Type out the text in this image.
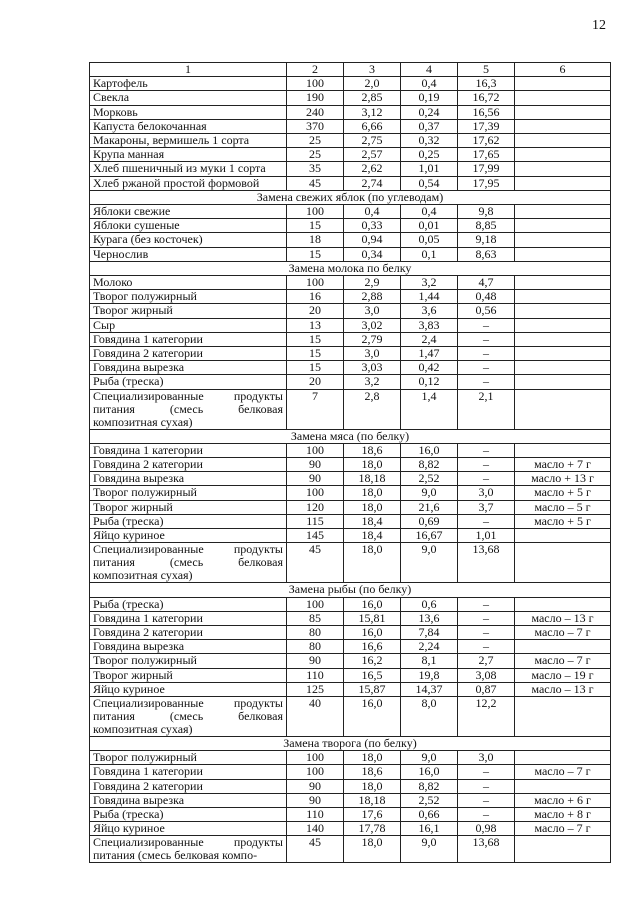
12
1	2	3	4	5	6
Картофель	100	2,0	0,4	16,3	
Свекла	190	2,85	0,19	16,72	
Морковь	240	3,12	0,24	16,56	
Капуста белокочанная	370	6,66	0,37	17,39	
Макароны, вермишель 1 сорта	25	2,75	0,32	17,62	
Крупа манная	25	2,57	0,25	17,65	
Хлеб пшеничный из муки 1 сорта	35	2,62	1,01	17,99	
Хлеб ржаной простой формовой	45	2,74	0,54	17,95	
Замена свежих яблок (по углеводам)					
Яблоки свежие	100	0,4	0,4	9,8	
Яблоки сушеные	15	0,33	0,01	8,85	
Курага (без косточек)	18	0,94	0,05	9,18	
Чернослив	15	0,34	0,1	8,63	
Замена молока по белку					
Молоко	100	2,9	3,2	4,7	
Творог полужирный	16	2,88	1,44	0,48	
Творог жирный	20	3,0	3,6	0,56	
Сыр	13	3,02	3,83	–	
Говядина 1 категории	15	2,79	2,4	–	
Говядина 2 категории	15	3,0	1,47	–	
Говядина вырезка	15	3,03	0,42	–	
Рыба (треска)	20	3,2	0,12	–	
Специализированные продукты питания (смесь белковая композитная сухая)	7	2,8	1,4	2,1	
Замена мяса (по белку)					
Говядина 1 категории	100	18,6	16,0	–	
Говядина 2 категории	90	18,0	8,82	–	масло + 7 г
Говядина вырезка	90	18,18	2,52	–	масло + 13 г
Творог полужирный	100	18,0	9,0	3,0	масло + 5 г
Творог жирный	120	18,0	21,6	3,7	масло – 5 г
Рыба (треска)	115	18,4	0,69	–	масло + 5 г
Яйцо куриное	145	18,4	16,67	1,01	
Специализированные продукты питания (смесь белковая композитная сухая)	45	18,0	9,0	13,68	
Замена рыбы (по белку)					
Рыба (треска)	100	16,0	0,6	–	
Говядина 1 категории	85	15,81	13,6	–	масло – 13 г
Говядина 2 категории	80	16,0	7,84	–	масло – 7 г
Говядина вырезка	80	16,6	2,24	–	
Творог полужирный	90	16,2	8,1	2,7	масло – 7 г
Творог жирный	110	16,5	19,8	3,08	масло – 19 г
Яйцо куриное	125	15,87	14,37	0,87	масло – 13 г
Специализированные продукты питания (смесь белковая композитная сухая)	40	16,0	8,0	12,2	
Замена творога (по белку)					
Творог полужирный	100	18,0	9,0	3,0	
Говядина 1 категории	100	18,6	16,0	–	масло – 7 г
Говядина 2 категории	90	18,0	8,82	–	
Говядина вырезка	90	18,18	2,52	–	масло + 6 г
Рыба (треска)	110	17,6	0,66	–	масло + 8 г
Яйцо куриное	140	17,78	16,1	0,98	масло – 7 г
Специализированные продукты питания (смесь белковая компо-	45	18,0	9,0	13,68	
